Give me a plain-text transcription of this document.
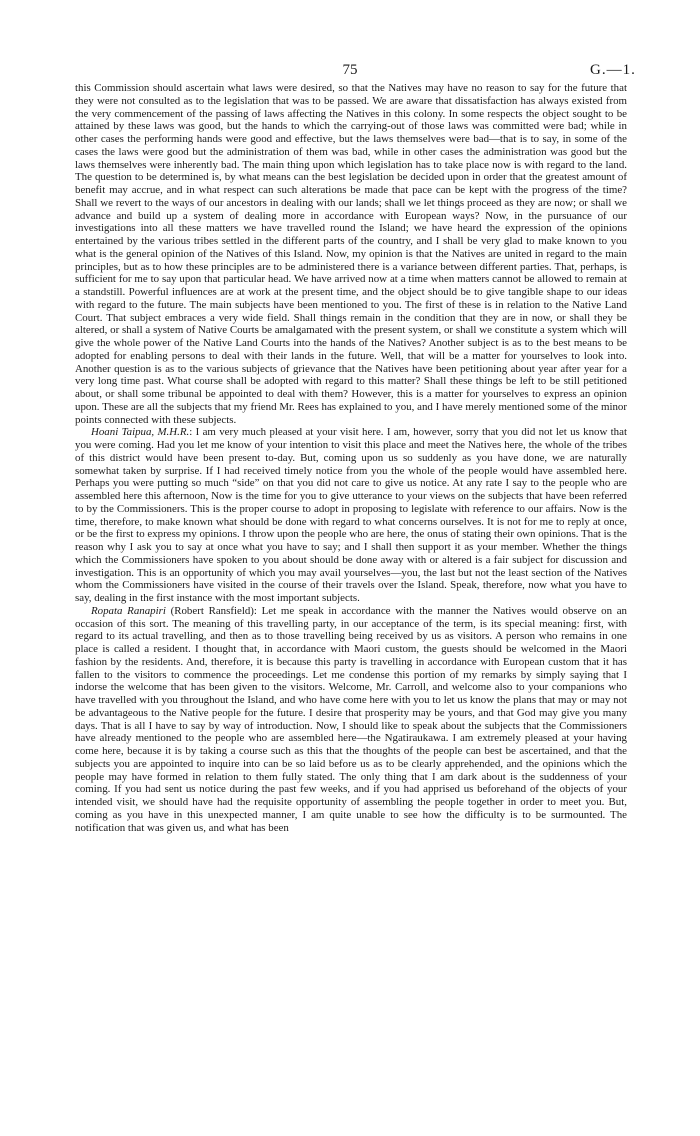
75	G.—1.

this Commission should ascertain what laws were desired, so that the Natives may have no reason to say for the future that they were not consulted as to the legislation that was to be passed. We are aware that dissatisfaction has always existed from the very commencement of the passing of laws affecting the Natives in this colony. In some respects the object sought to be attained by these laws was good, but the hands to which the carrying-out of those laws was committed were bad; while in other cases the performing hands were good and effective, but the laws themselves were bad—that is to say, in some of the cases the laws were good but the administration of them was bad, while in other cases the administration was good but the laws themselves were inherently bad. The main thing upon which legislation has to take place now is with regard to the land. The question to be determined is, by what means can the best legislation be decided upon in order that the greatest amount of benefit may accrue, and in what respect can such alterations be made that pace can be kept with the progress of the time? Shall we revert to the ways of our ancestors in dealing with our lands; shall we let things proceed as they are now; or shall we advance and build up a system of dealing more in accordance with European ways? Now, in the pursuance of our investigations into all these matters we have travelled round the Island; we have heard the expression of the opinions entertained by the various tribes settled in the different parts of the country, and I shall be very glad to make known to you what is the general opinion of the Natives of this Island. Now, my opinion is that the Natives are united in regard to the main principles, but as to how these principles are to be administered there is a variance between different parties. That, perhaps, is sufficient for me to say upon that particular head. We have arrived now at a time when matters cannot be allowed to remain at a standstill. Powerful influences are at work at the present time, and the object should be to give tangible shape to our ideas with regard to the future. The main subjects have been mentioned to you. The first of these is in relation to the Native Land Court. That subject embraces a very wide field. Shall things remain in the condition that they are in now, or shall they be altered, or shall a system of Native Courts be amalgamated with the present system, or shall we constitute a system which will give the whole power of the Native Land Courts into the hands of the Natives? Another subject is as to the best means to be adopted for enabling persons to deal with their lands in the future. Well, that will be a matter for yourselves to look into. Another question is as to the various subjects of grievance that the Natives have been petitioning about year after year for a very long time past. What course shall be adopted with regard to this matter? Shall these things be left to be still petitioned about, or shall some tribunal be appointed to deal with them? However, this is a matter for yourselves to express an opinion upon. These are all the subjects that my friend Mr. Rees has explained to you, and I have merely mentioned some of the minor points connected with these subjects.

Hoani Taipua, M.H.R.: I am very much pleased at your visit here. I am, however, sorry that you did not let us know that you were coming. Had you let me know of your intention to visit this place and meet the Natives here, the whole of the tribes of this district would have been present to-day. But, coming upon us so suddenly as you have done, we are naturally somewhat taken by surprise. If I had received timely notice from you the whole of the people would have assembled here. Perhaps you were putting so much “side” on that you did not care to give us notice. At any rate I say to the people who are assembled here this afternoon, Now is the time for you to give utterance to your views on the subjects that have been referred to by the Commissioners. This is the proper course to adopt in proposing to legislate with reference to our affairs. Now is the time, therefore, to make known what should be done with regard to what concerns ourselves. It is not for me to reply at once, or be the first to express my opinions. I throw upon the people who are here, the onus of stating their own opinions. That is the reason why I ask you to say at once what you have to say; and I shall then support it as your member. Whether the things which the Commissioners have spoken to you about should be done away with or altered is a fair subject for discussion and investigation. This is an opportunity of which you may avail yourselves—you, the last but not the least section of the Natives whom the Commissioners have visited in the course of their travels over the Island. Speak, therefore, now what you have to say, dealing in the first instance with the most important subjects.

Ropata Ranapiri (Robert Ransfield): Let me speak in accordance with the manner the Natives would observe on an occasion of this sort. The meaning of this travelling party, in our acceptance of the term, is its special meaning: first, with regard to its actual travelling, and then as to those travelling being received by us as visitors. A person who remains in one place is called a resident. I thought that, in accordance with Maori custom, the guests should be welcomed in the Maori fashion by the residents. And, therefore, it is because this party is travelling in accordance with European custom that it has fallen to the visitors to commence the proceedings. Let me condense this portion of my remarks by simply saying that I indorse the welcome that has been given to the visitors. Welcome, Mr. Carroll, and welcome also to your companions who have travelled with you throughout the Island, and who have come here with you to let us know the plans that may or may not be advantageous to the Native people for the future. I desire that prosperity may be yours, and that God may give you many days. That is all I have to say by way of introduction. Now, I should like to speak about the subjects that the Commissioners have already mentioned to the people who are assembled here—the Ngatiraukawa. I am extremely pleased at your having come here, because it is by taking a course such as this that the thoughts of the people can best be ascertained, and that the subjects you are appointed to inquire into can be so laid before us as to be clearly apprehended, and the opinions which the people may have formed in relation to them fully stated. The only thing that I am dark about is the suddenness of your coming. If you had sent us notice during the past few weeks, and if you had apprised us beforehand of the objects of your intended visit, we should have had the requisite opportunity of assembling the people together in order to meet you. But, coming as you have in this unexpected manner, I am quite unable to see how the difficulty is to be surmounted. The notification that was given us, and what has been
